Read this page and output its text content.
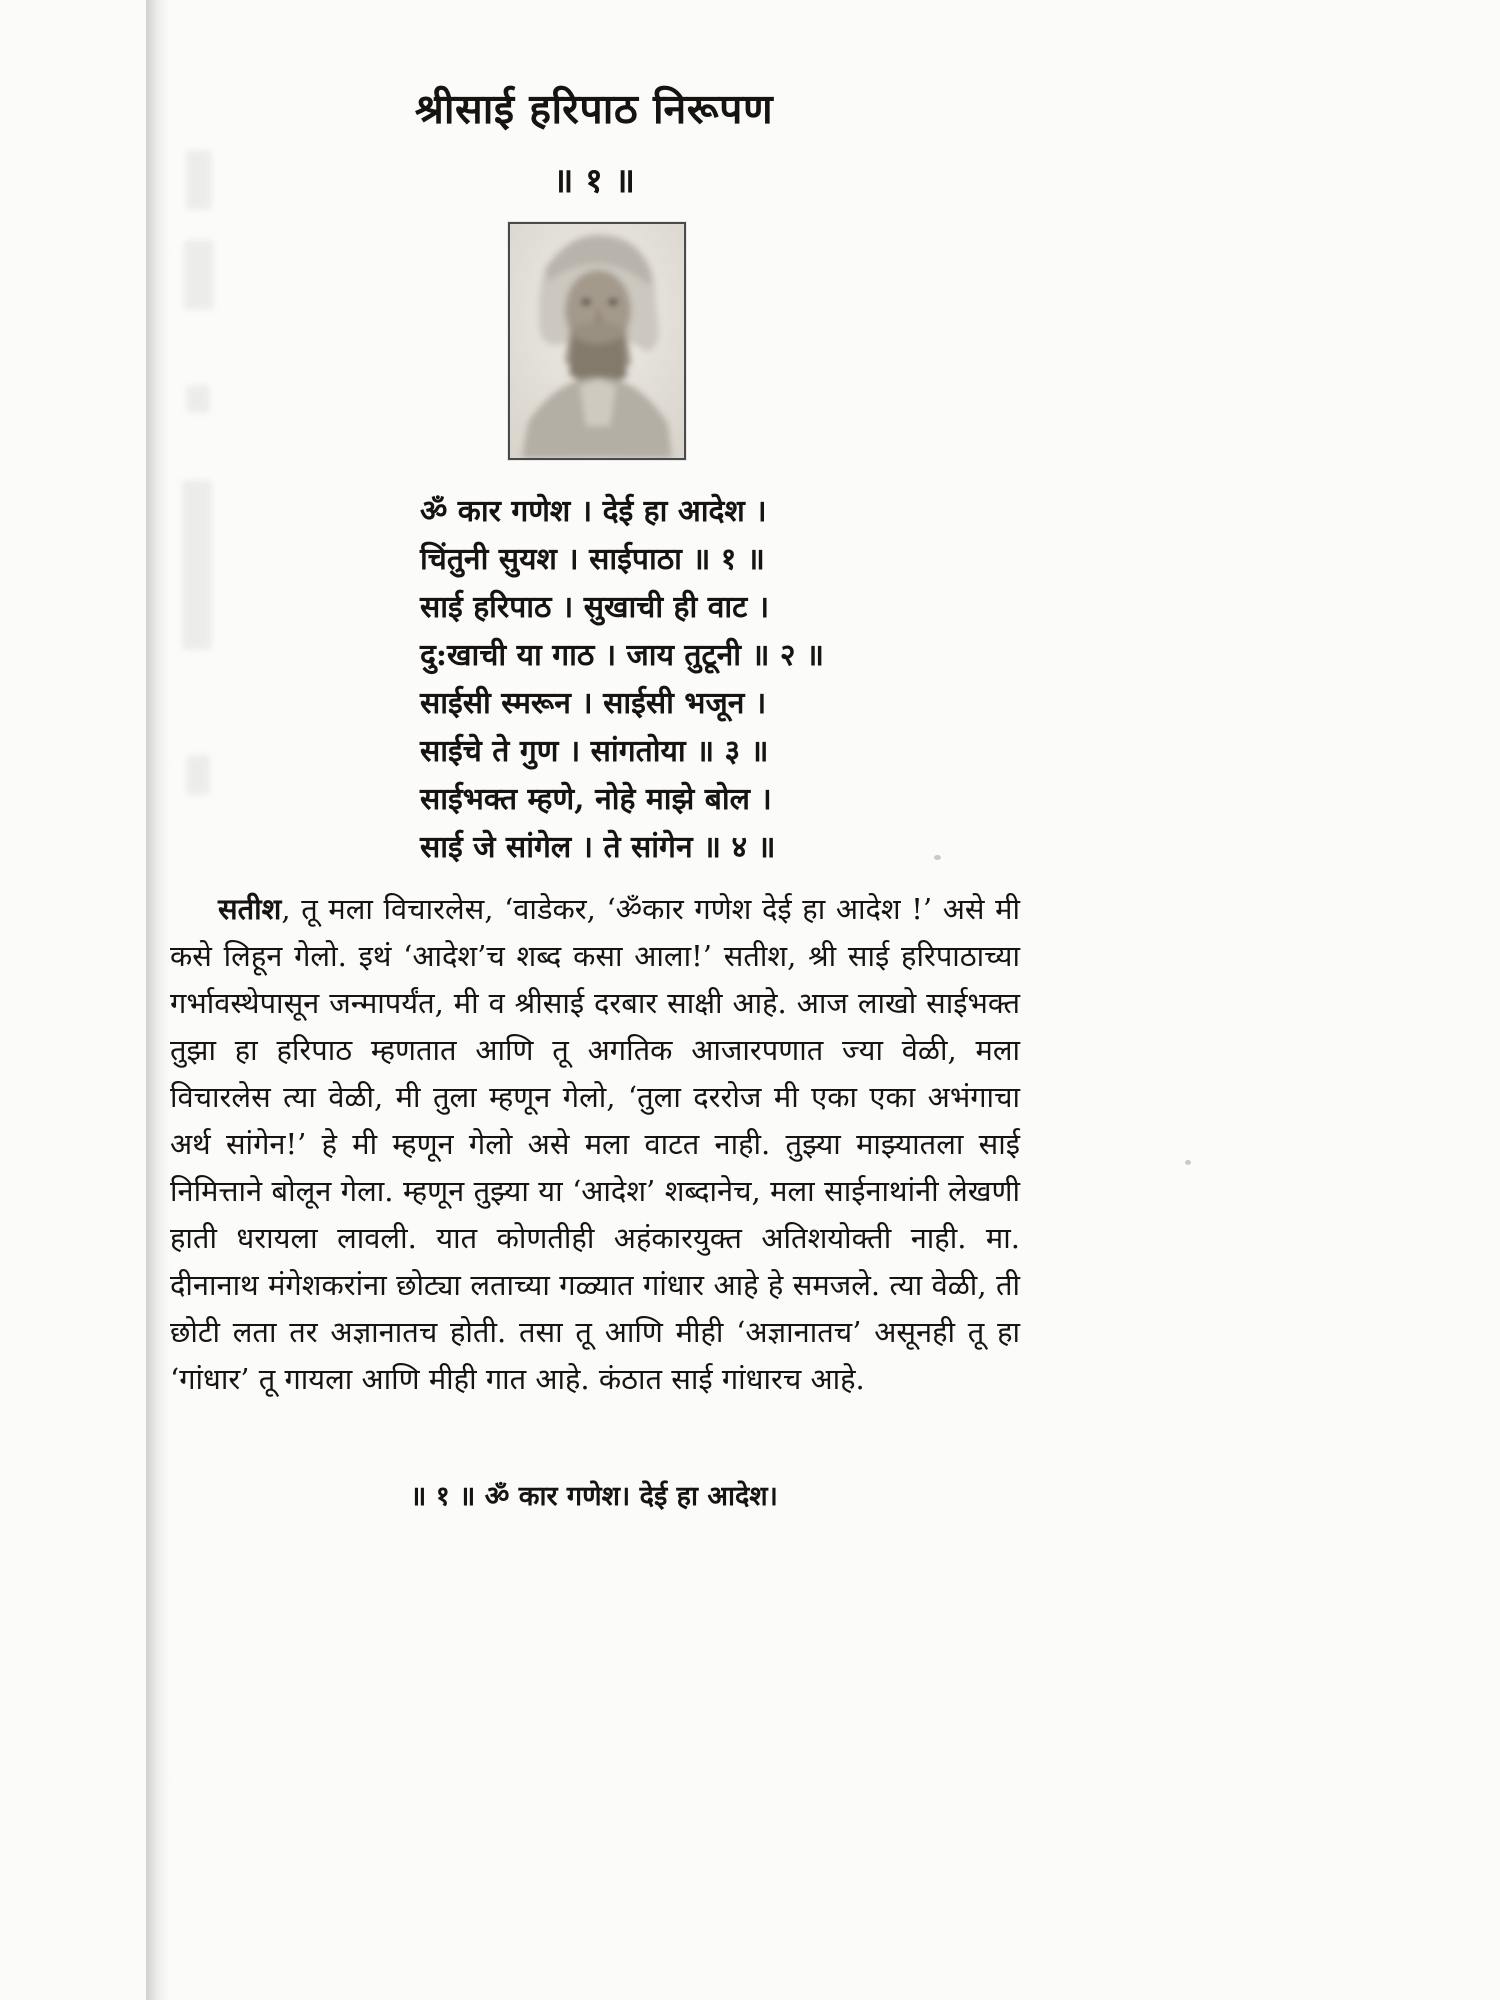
श्रीसाई हरिपाठ निरूपण
॥ १ ॥
ॐ कार गणेश । देई हा आदेश ।
चिंतुनी सुयश । साईपाठा ॥ १ ॥
साई हरिपाठ । सुखाची ही वाट ।
दु:खाची या गाठ । जाय तुटूनी ॥ २ ॥
साईसी स्मरून । साईसी भजून ।
साईचे ते गुण । सांगतोया ॥ ३ ॥
साईभक्त म्हणे, नोहे माझे बोल ।
साई जे सांगेल । ते सांगेन ॥ ४ ॥

सतीश, तू मला विचारलेस, ‘वाडेकर, ‘ॐकार गणेश देई हा आदेश !’ असे मी कसे लिहून गेलो. इथं ‘आदेश’च शब्द कसा आला!’ सतीश, श्री साई हरिपाठाच्या गर्भावस्थेपासून जन्मापर्यंत, मी व श्रीसाई दरबार साक्षी आहे. आज लाखो साईभक्त तुझा हा हरिपाठ म्हणतात आणि तू अगतिक आजारपणात ज्या वेळी, मला विचारलेस त्या वेळी, मी तुला म्हणून गेलो, ‘तुला दररोज मी एका एका अभंगाचा अर्थ सांगेन!’ हे मी म्हणून गेलो असे मला वाटत नाही. तुझ्या माझ्यातला साई निमित्ताने बोलून गेला. म्हणून तुझ्या या ‘आदेश’ शब्दानेच, मला साईनाथांनी लेखणी हाती धरायला लावली. यात कोणतीही अहंकारयुक्त अतिशयोक्ती नाही. मा. दीनानाथ मंगेशकरांना छोट्या लताच्या गळ्यात गांधार आहे हे समजले. त्या वेळी, ती छोटी लता तर अज्ञानातच होती. तसा तू आणि मीही ‘अज्ञानातच’ असूनही तू हा ‘गांधार’ तू गायला आणि मीही गात आहे. कंठात साई गांधारच आहे.

॥ १ ॥ ॐ कार गणेश। देई हा आदेश।
